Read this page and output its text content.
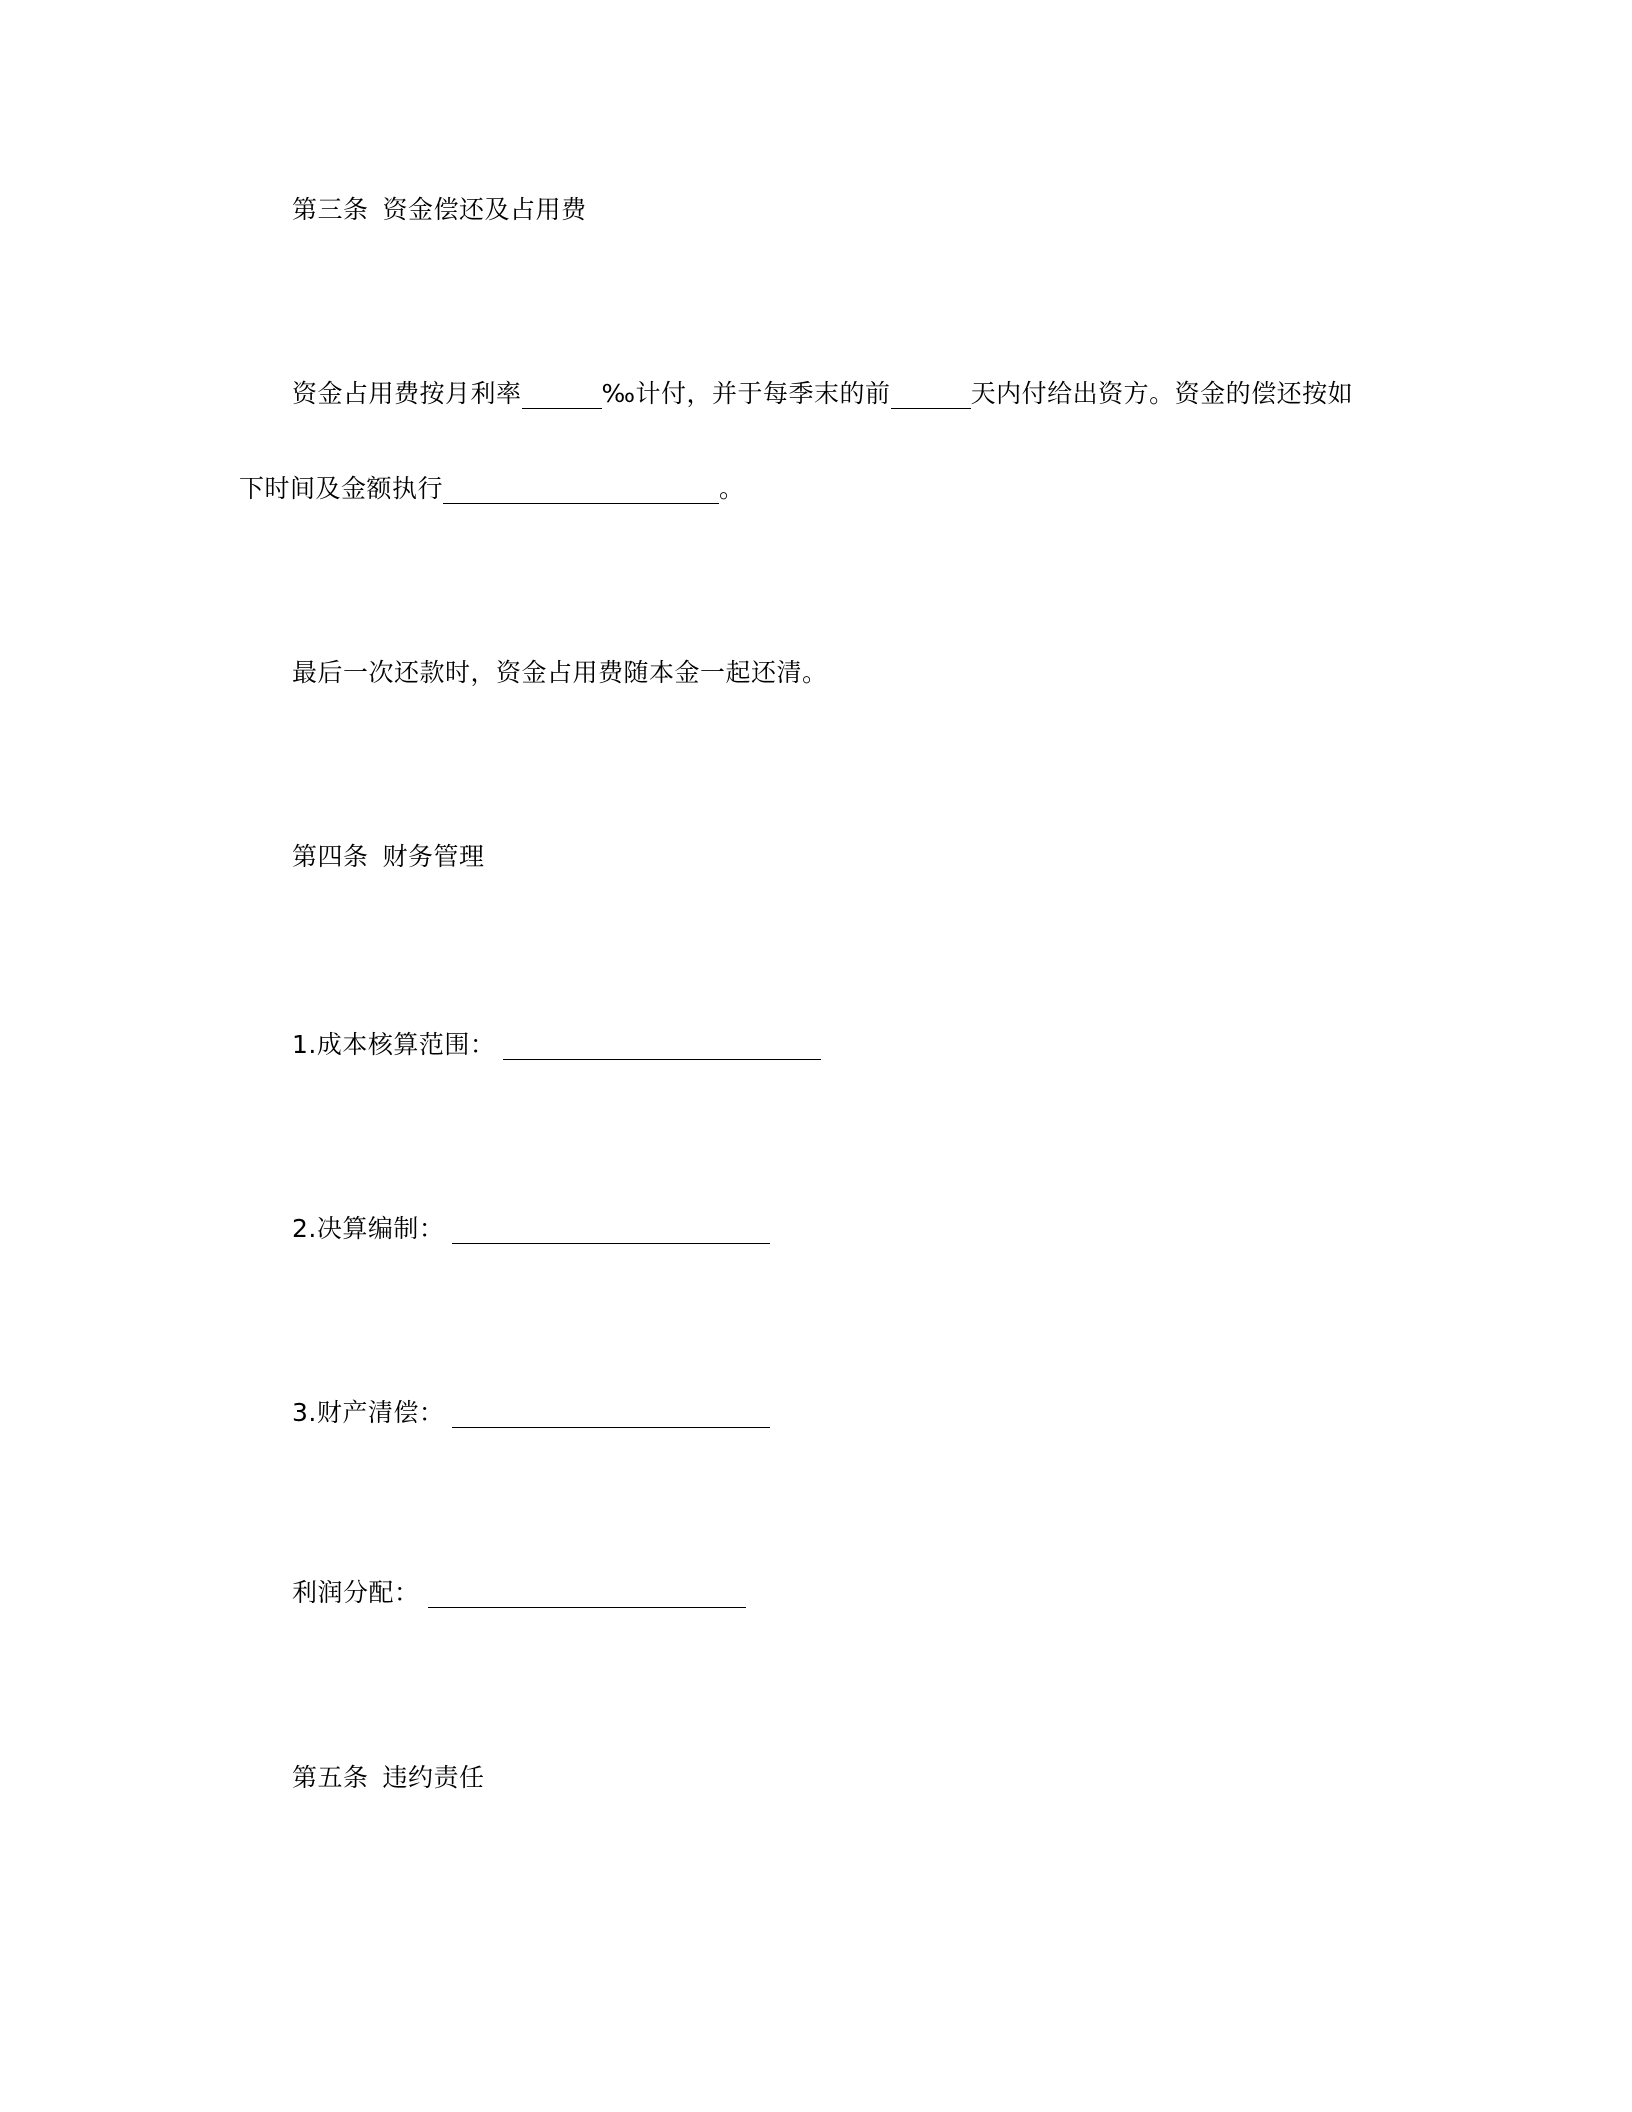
第三条 资金偿还及占用费
资金占用费按月利率	‰计付，并于每季末的前	天内付给出资方。资金的偿还按如
下时间及金额执行	。
最后一次还款时，资金占用费随本金一起还清。
第四条 财务管理
1.成本核算范围：
2.决算编制：
3.财产清偿：
利润分配：
第五条 违约责任
